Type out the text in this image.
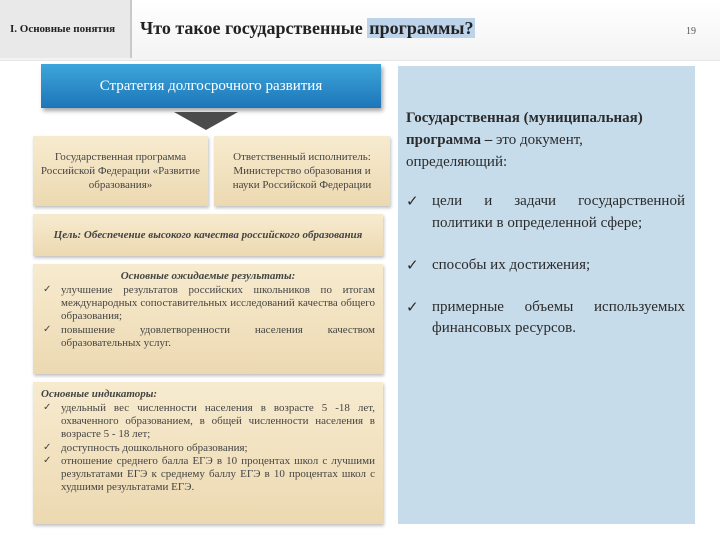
I. Основные понятия	Что такое государственные программы?	19
Стратегия долгосрочного развития
Государственная программа Российской Федерации «Развитие образования»
Ответственный исполнитель: Министерство образования и науки Российской Федерации
Цель: Обеспечение высокого качества российского образования
Основные ожидаемые результаты:
✓ улучшение результатов российских школьников по итогам международных сопоставительных исследований качества общего образования;
✓ повышение удовлетворенности населения качеством образовательных услуг.
Основные индикаторы:
✓ удельный вес численности населения в возрасте 5 -18 лет, охваченного образованием, в общей численности населения в возрасте 5 - 18 лет;
✓ доступность дошкольного образования;
✓ отношение среднего балла ЕГЭ в 10 процентах школ с лучшими результатами ЕГЭ к среднему баллу ЕГЭ в 10 процентах школ с худшими результатами ЕГЭ.
Государственная (муниципальная) программа – это документ, определяющий:
✓ цели и задачи государственной политики в определенной сфере;
✓ способы их достижения;
✓ примерные объемы используемых финансовых ресурсов.
